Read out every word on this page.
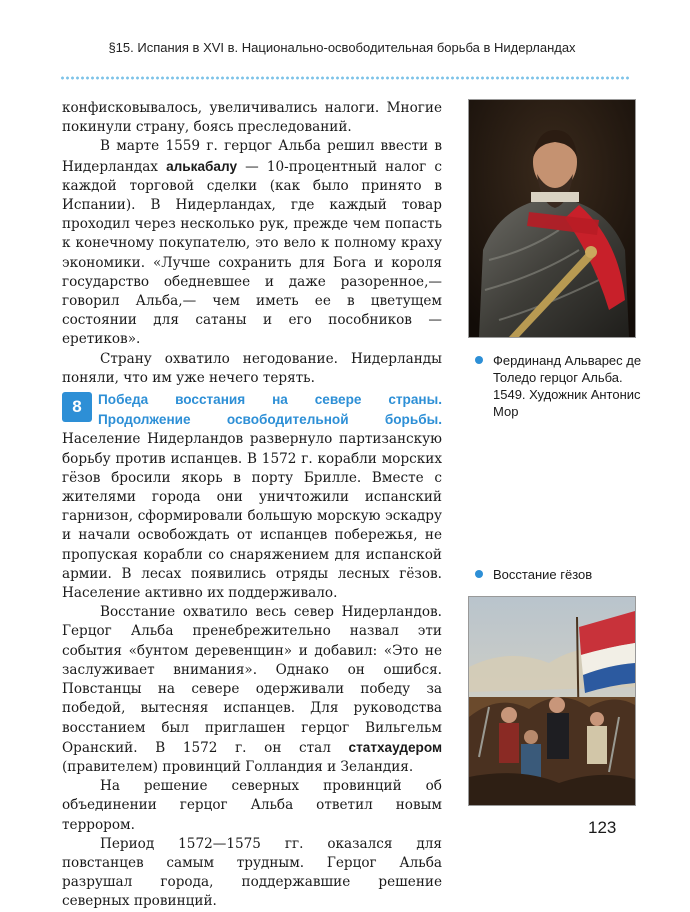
§15. Испания в XVI в. Национально-освободительная борьба в Нидерландах

конфисковывалось, увеличивались налоги. Многие покинули страну, боясь преследований.

В марте 1559 г. герцог Альба решил ввести в Нидерландах алькабалу — 10-процентный налог с каждой торговой сделки (как было принято в Испании). В Нидерландах, где каждый товар проходил через несколько рук, прежде чем попасть к конечному покупателю, это вело к полному краху экономики. «Лучше сохранить для Бога и короля государство обедневшее и даже разоренное,— говорил Альба,— чем иметь ее в цветущем состоянии для сатаны и его пособников — еретиков».

Страну охватило негодование. Нидерланды поняли, что им уже нечего терять.

8	Победа восстания на севере страны. Продолжение освободительной борьбы. Население Нидерландов развернуло партизанскую борьбу против испанцев. В 1572 г. корабли морских гёзов бросили якорь в порту Брилле. Вместе с жителями города они уничтожили испанский гарнизон, сформировали большую морскую эскадру и начали освобождать от испанцев побережья, не пропуская корабли со снаряжением для испанской армии. В лесах появились отряды лесных гёзов. Население активно их поддерживало.

Восстание охватило весь север Нидерландов. Герцог Альба пренебрежительно назвал эти события «бунтом деревенщин» и добавил: «Это не заслуживает внимания». Однако он ошибся. Повстанцы на севере одерживали победу за победой, вытесняя испанцев. Для руководства восстанием был приглашен герцог Вильгельм Оранский. В 1572 г. он стал статхаудером (правителем) провинций Голландия и Зеландия.

На решение северных провинций об объединении герцог Альба ответил новым террором.

Период 1572—1575 гг. оказался для повстанцев самым трудным. Герцог Альба разрушал города, поддержавшие решение северных провинций.

Фердинанд Альварес де Толедо герцог Альба. 1549. Художник Антонис Мор
Восстание гёзов
123
